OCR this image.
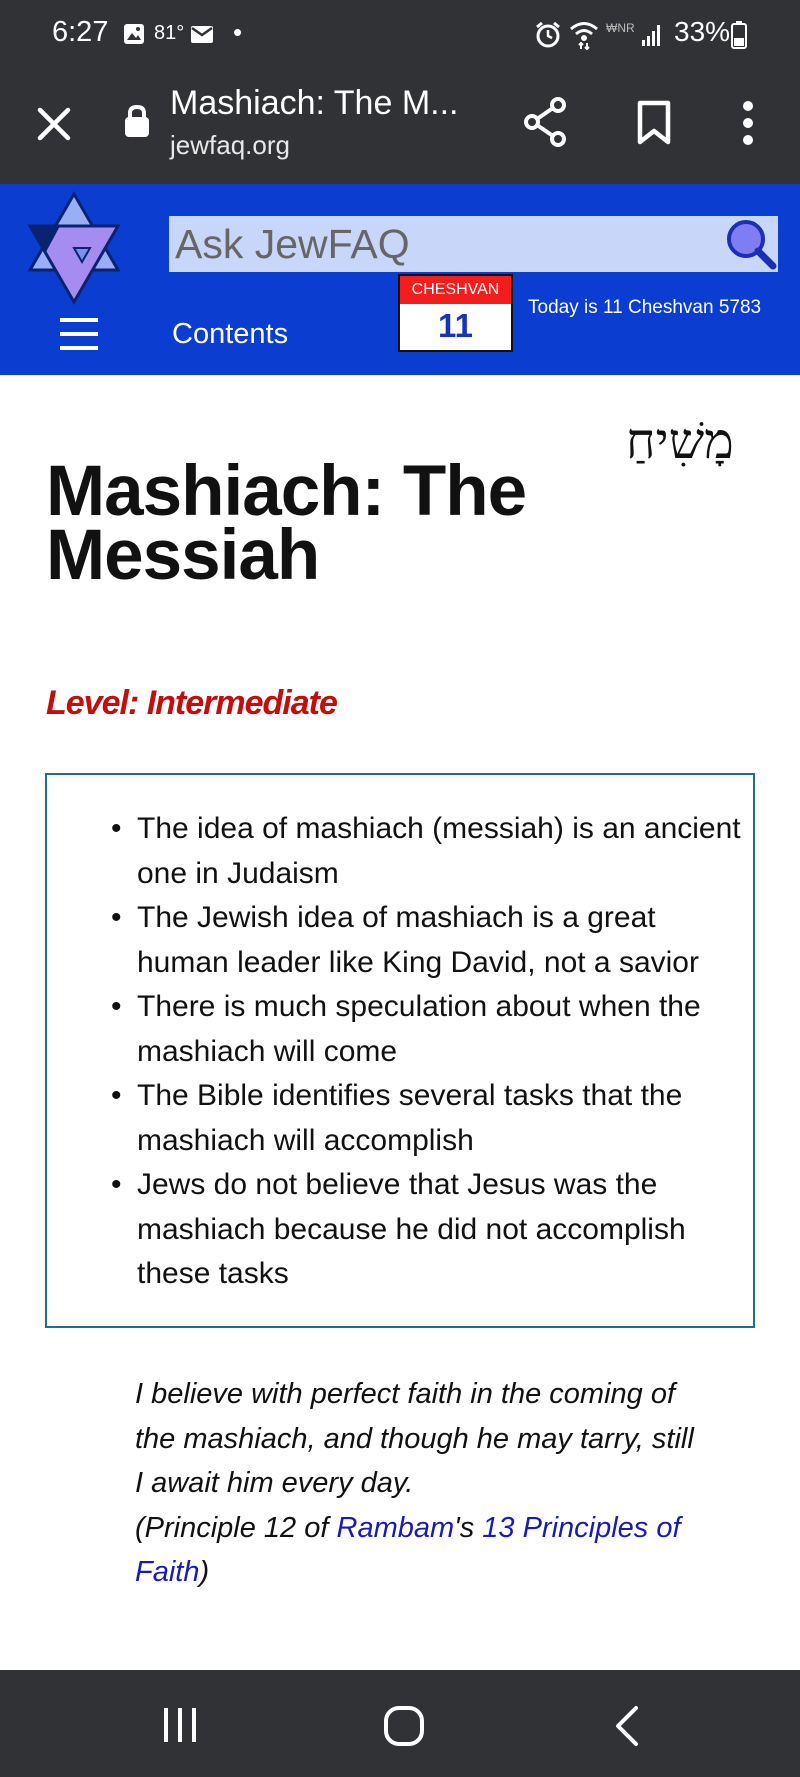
6:27 81° •	₩NR 33%
Mashiach: The M...
jewfaq.org
Ask JewFAQ
Contents
CHESHVAN
11	Today is 11 Cheshvan 5783
מָשִׁיחַ
Mashiach: The Messiah
Level: Intermediate
• The idea of mashiach (messiah) is an ancient one in Judaism
• The Jewish idea of mashiach is a great human leader like King David, not a savior
• There is much speculation about when the mashiach will come
• The Bible identifies several tasks that the mashiach will accomplish
• Jews do not believe that Jesus was the mashiach because he did not accomplish these tasks
I believe with perfect faith in the coming of the mashiach, and though he may tarry, still I await him every day.
(Principle 12 of Rambam's 13 Principles of Faith)
